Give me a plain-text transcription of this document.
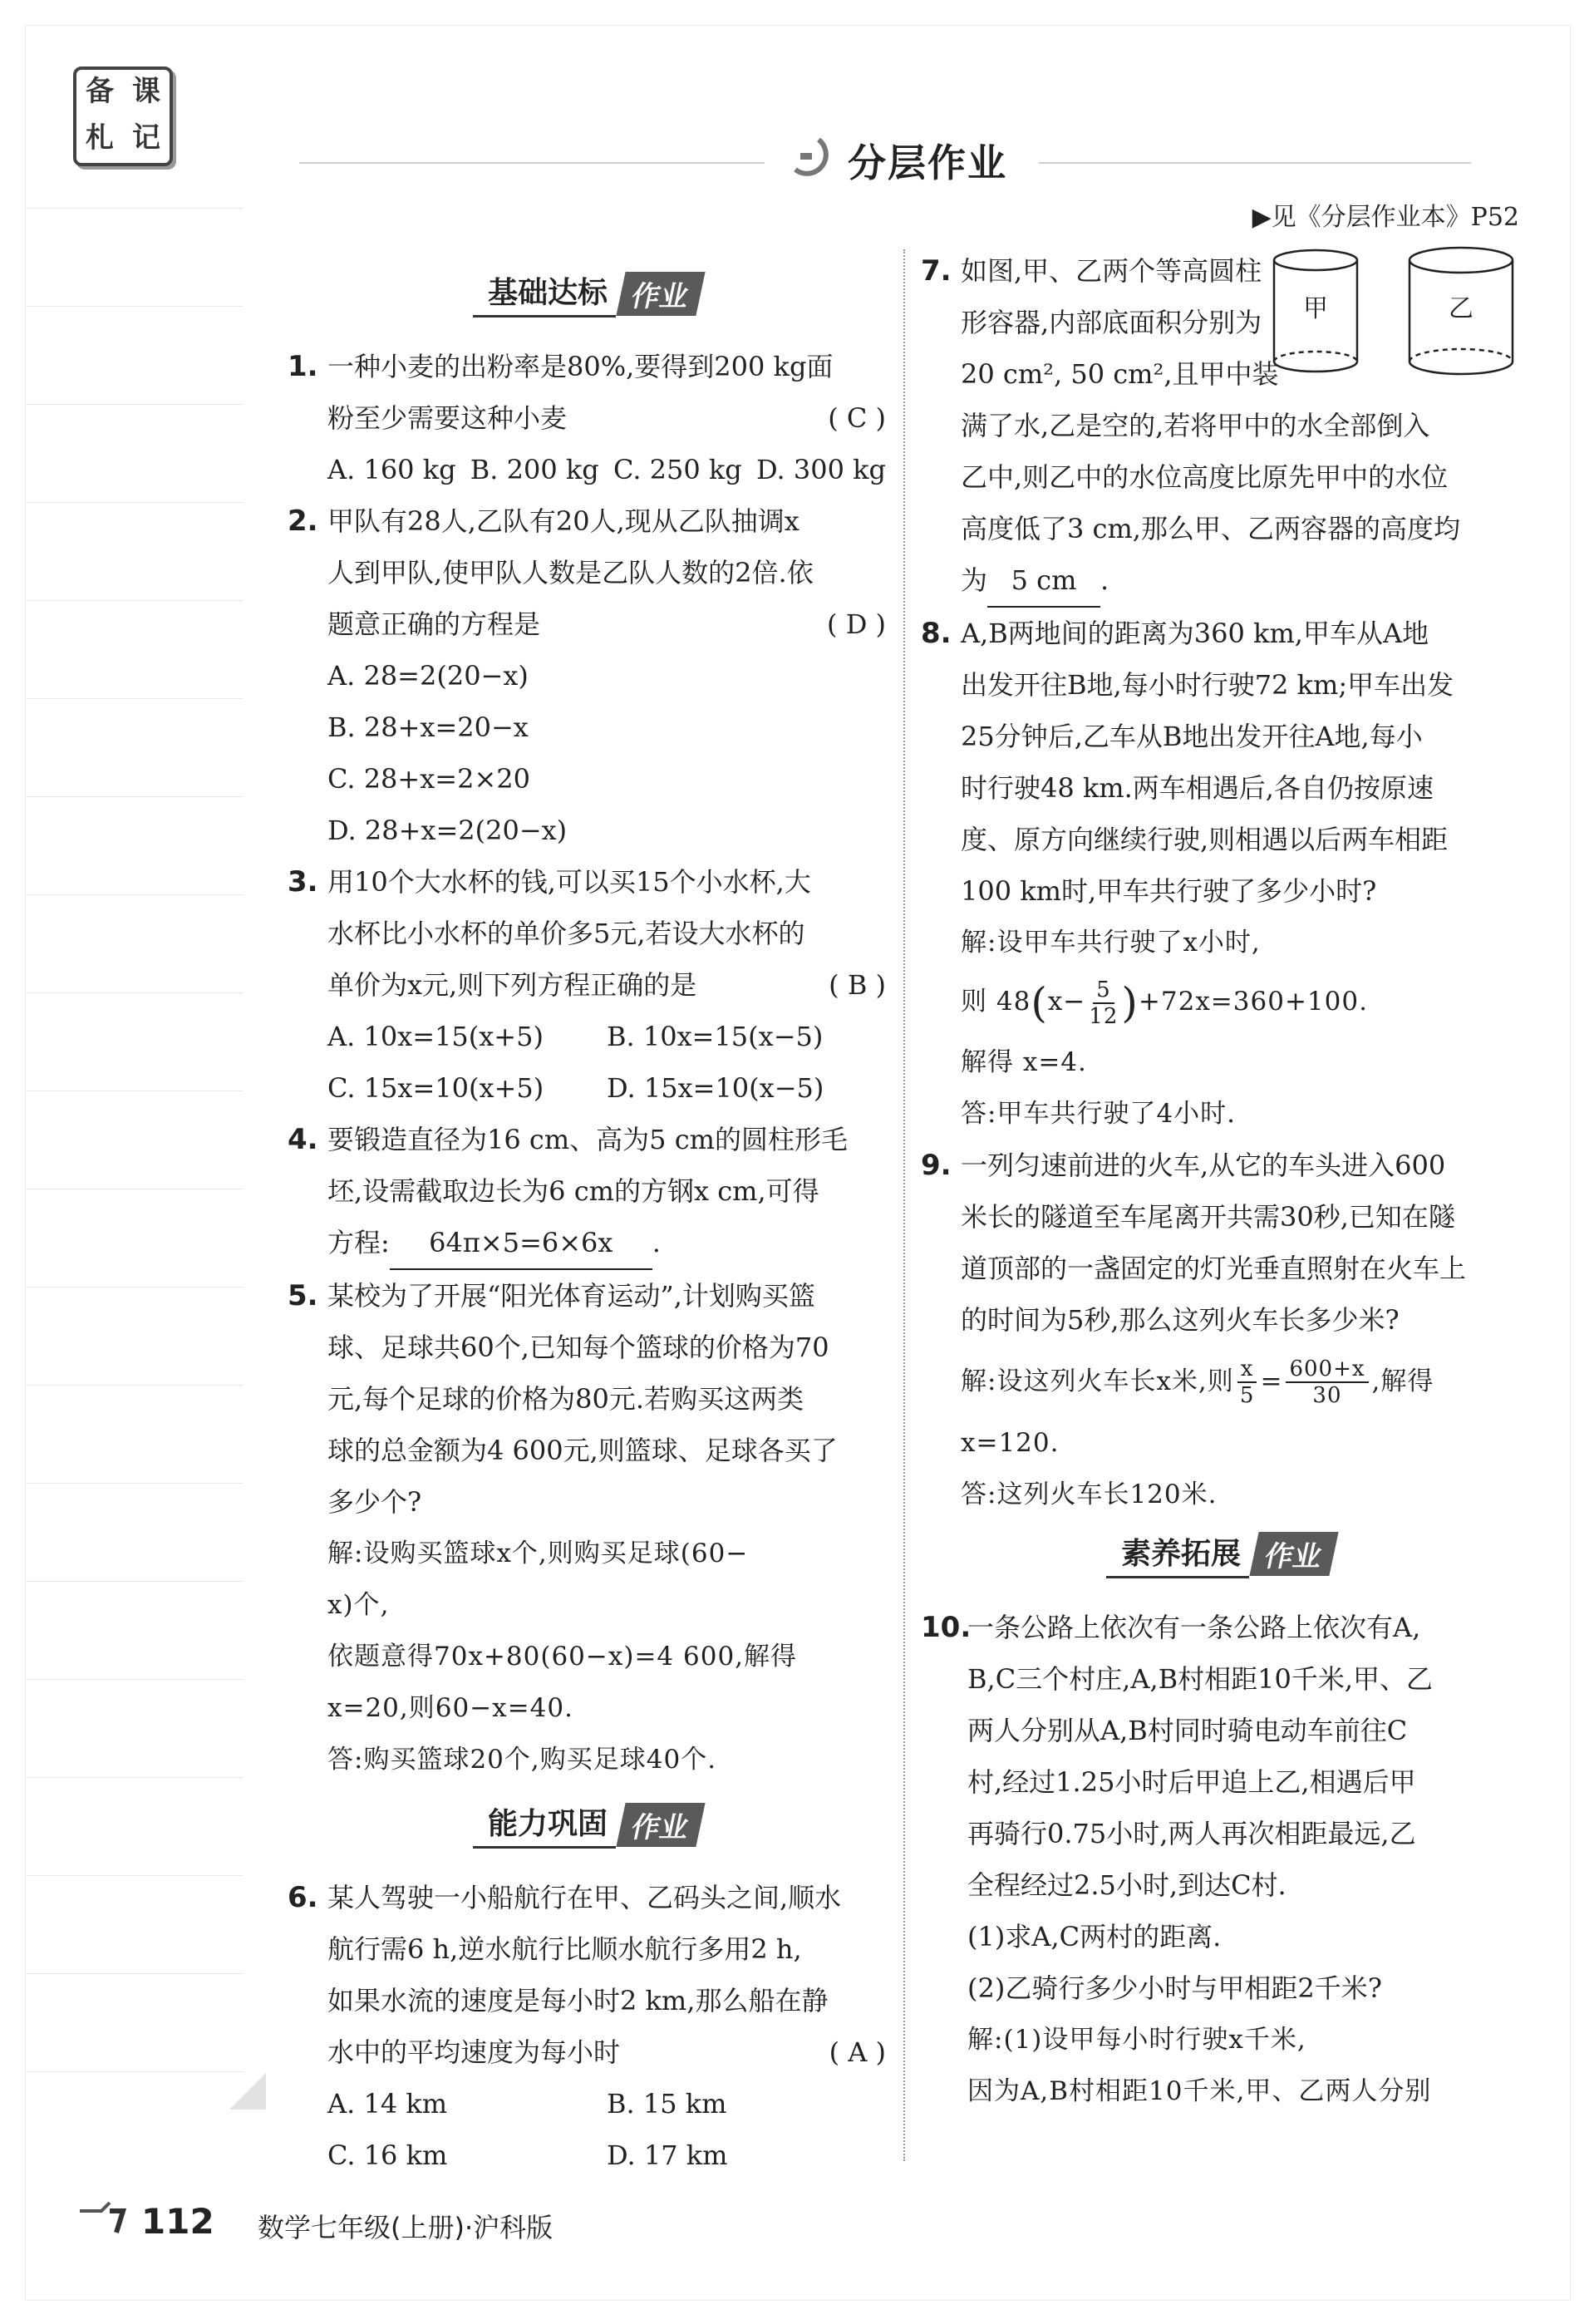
备 课
札 记
分层作业
▶见《分层作业本》P52
基础达标 作业
1. 一种小麦的出粉率是80%,要得到200 kg面
粉至少需要这种小麦	( C )
A. 160 kg B. 200 kg C. 250 kg D. 300 kg
2. 甲队有28人,乙队有20人,现从乙队抽调x
人到甲队,使甲队人数是乙队人数的2倍.依
题意正确的方程是	( D )
A. 28=2(20−x)
B. 28+x=20−x
C. 28+x=2×20
D. 28+x=2(20−x)
3. 用10个大水杯的钱,可以买15个小水杯,大
水杯比小水杯的单价多5元,若设大水杯的
单价为x元,则下列方程正确的是	( B )
A. 10x=15(x+5)	B. 10x=15(x−5)
C. 15x=10(x+5)	D. 15x=10(x−5)
4. 要锻造直径为16 cm、高为5 cm的圆柱形毛
坯,设需截取边长为6 cm的方钢x cm,可得
方程: 64π×5=6×6x .
5. 某校为了开展“阳光体育运动”,计划购买篮
球、足球共60个,已知每个篮球的价格为70
元,每个足球的价格为80元.若购买这两类
球的总金额为4 600元,则篮球、足球各买了
多少个?
解:设购买篮球x个,则购买足球(60−
x)个,
依题意得70x+80(60−x)=4 600,解得
x=20,则60−x=40.
答:购买篮球20个,购买足球40个.
能力巩固 作业
6. 某人驾驶一小船航行在甲、乙码头之间,顺水
航行需6 h,逆水航行比顺水航行多用2 h,
如果水流的速度是每小时2 km,那么船在静
水中的平均速度为每小时	( A )
A. 14 km	B. 15 km
C. 16 km	D. 17 km
7. 如图,甲、乙两个等高圆柱
形容器,内部底面积分别为
20 cm², 50 cm²,且甲中装
满了水,乙是空的,若将甲中的水全部倒入
乙中,则乙中的水位高度比原先甲中的水位
高度低了3 cm,那么甲、乙两容器的高度均
为 5 cm .
甲	乙
8. A,B两地间的距离为360 km,甲车从A地
出发开往B地,每小时行驶72 km;甲车出发
25分钟后,乙车从B地出发开往A地,每小
时行驶48 km.两车相遇后,各自仍按原速
度、原方向继续行驶,则相遇以后两车相距
100 km时,甲车共行驶了多少小时?
解:设甲车共行驶了x小时,
则 $48(x- \frac{5}{12} )+72x=360+100$.
解得 x=4.
答:甲车共行驶了4小时.
9. 一列匀速前进的火车,从它的车头进入600
米长的隧道至车尾离开共需30秒,已知在隧
道顶部的一盏固定的灯光垂直照射在火车上
的时间为5秒,那么这列火车长多少米?
解:设这列火车长x米,则 $\frac{x}{5} = \frac{600+x}{30}$ ,解得
x=120.
答:这列火车长120米.
素养拓展 作业
10.
一条公路上依次有一条公路上依次有A,
B,C三个村庄,A,B村相距10千米,甲、乙
两人分别从A,B村同时骑电动车前往C
村,经过1.25小时后甲追上乙,相遇后甲
再骑行0.75小时,两人再次相距最远,乙
全程经过2.5小时,到达C村.
(1)求A,C两村的距离.
(2)乙骑行多少小时与甲相距2千米?
解:(1)设甲每小时行驶x千米,
因为A,B村相距10千米,甲、乙两人分别
112 数学七年级(上册)·沪科版
